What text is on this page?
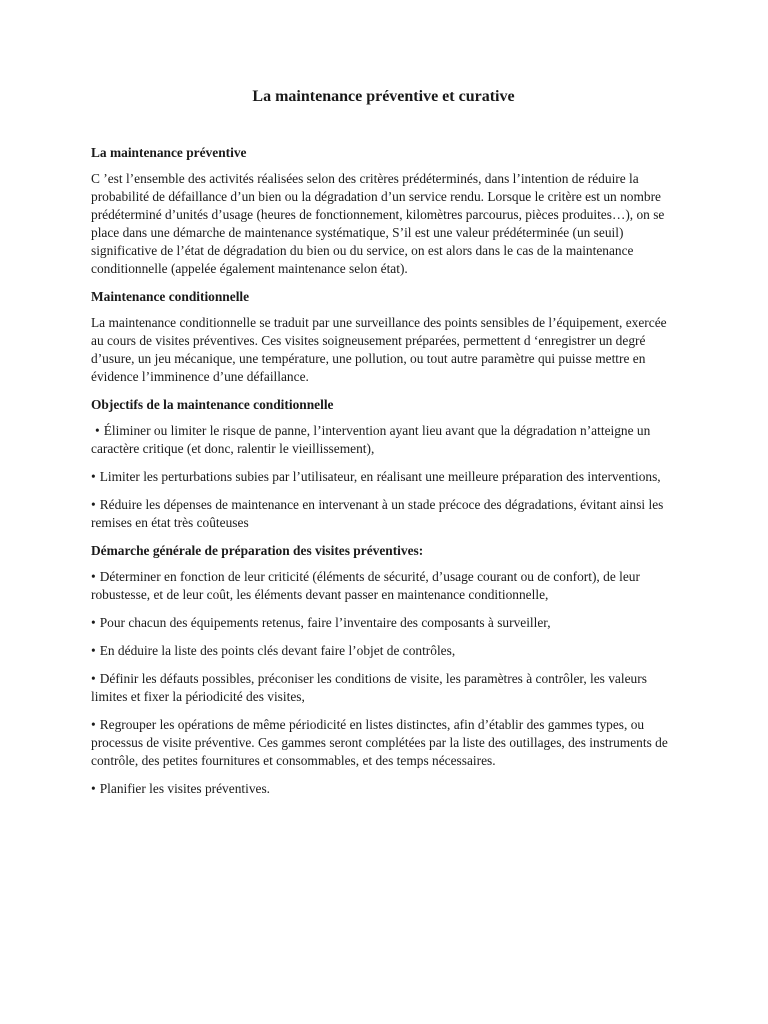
La maintenance préventive et curative
La maintenance préventive
C ’est l’ensemble des activités réalisées selon des critères prédéterminés, dans l’intention de réduire la probabilité de défaillance d’un bien ou la dégradation d’un service rendu. Lorsque le critère est un nombre prédéterminé d’unités d’usage (heures de fonctionnement, kilomètres parcourus, pièces produites…), on se place dans une démarche de maintenance systématique, S’il est une valeur prédéterminée (un seuil) significative de l’état de dégradation du bien ou du service, on est alors dans le cas de la maintenance conditionnelle (appelée également maintenance selon état).
Maintenance conditionnelle
La maintenance conditionnelle se traduit par une surveillance des points sensibles de l’équipement, exercée au cours de visites préventives. Ces visites soigneusement préparées, permettent d ‘enregistrer un degré d’usure, un jeu mécanique, une température, une pollution, ou tout autre paramètre qui puisse mettre en évidence l’imminence d’une défaillance.
Objectifs de la maintenance conditionnelle
• Éliminer ou limiter le risque de panne, l’intervention ayant lieu avant que la dégradation n’atteigne un caractère critique (et donc, ralentir le vieillissement),
• Limiter les perturbations subies par l’utilisateur, en réalisant une meilleure préparation des interventions,
• Réduire les dépenses de maintenance en intervenant à un stade précoce des dégradations, évitant ainsi les remises en état très coûteuses
Démarche générale de préparation des visites préventives:
• Déterminer en fonction de leur criticité (éléments de sécurité, d’usage courant ou de confort), de leur robustesse, et de leur coût, les éléments devant passer en maintenance conditionnelle,
• Pour chacun des équipements retenus, faire l’inventaire des composants à surveiller,
• En déduire la liste des points clés devant faire l’objet de contrôles,
• Définir les défauts possibles, préconiser les conditions de visite, les paramètres à contrôler, les valeurs limites et fixer la périodicité des visites,
• Regrouper les opérations de même périodicité en listes distinctes, afin d’établir des gammes types, ou processus de visite préventive. Ces gammes seront complétées par la liste des outillages, des instruments de contrôle, des petites fournitures et consommables, et des temps nécessaires.
• Planifier les visites préventives.
